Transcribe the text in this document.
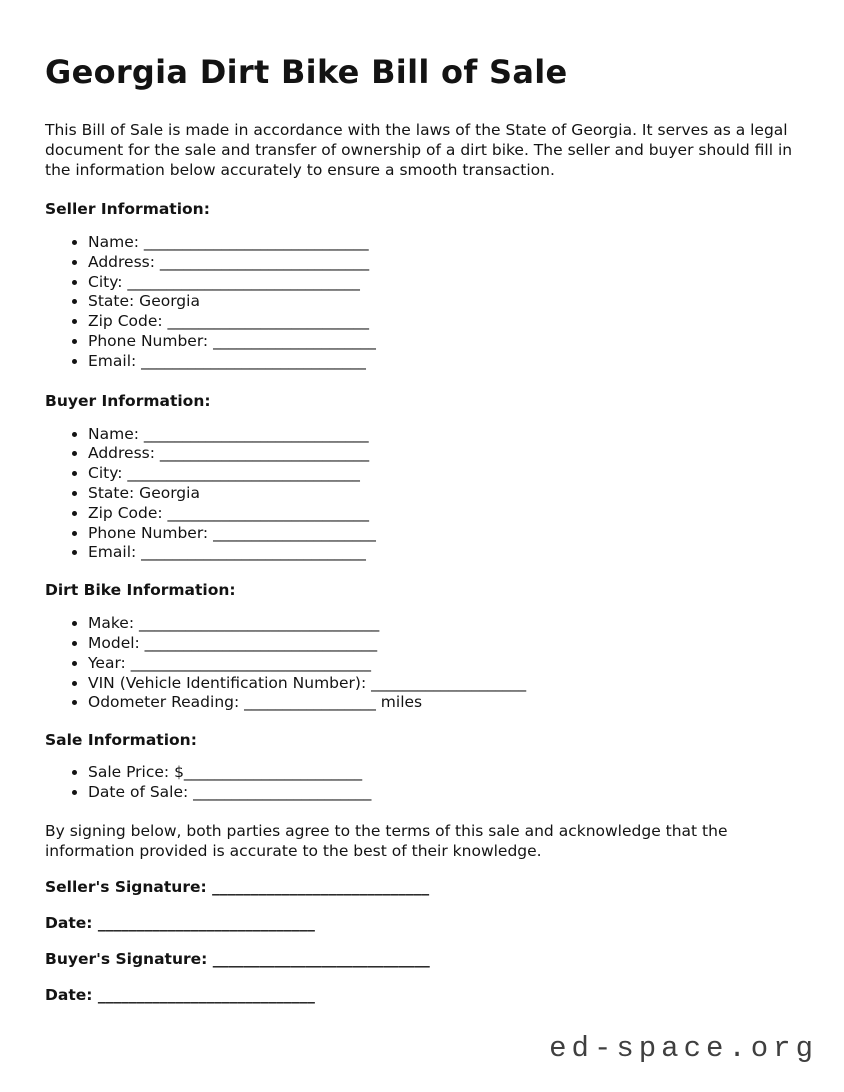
Georgia Dirt Bike Bill of Sale

This Bill of Sale is made in accordance with the laws of the State of Georgia. It serves as a legal document for the sale and transfer of ownership of a dirt bike. The seller and buyer should fill in the information below accurately to ensure a smooth transaction.

Seller Information:
• Name: _____________________________
• Address: ___________________________
• City: ______________________________
• State: Georgia
• Zip Code: __________________________
• Phone Number: _____________________
• Email: _____________________________
Buyer Information:
• Name: _____________________________
• Address: ___________________________
• City: ______________________________
• State: Georgia
• Zip Code: __________________________
• Phone Number: _____________________
• Email: _____________________________
Dirt Bike Information:
• Make: _______________________________
• Model: ______________________________
• Year: _______________________________
• VIN (Vehicle Identification Number): ____________________
• Odometer Reading: _________________ miles
Sale Information:
• Sale Price: $_______________________
• Date of Sale: _______________________

By signing below, both parties agree to the terms of this sale and acknowledge that the information provided is accurate to the best of their knowledge.

Seller's Signature: ____________________________

Date: ____________________________

Buyer's Signature: ____________________________

Date: ____________________________

ed-space.org
